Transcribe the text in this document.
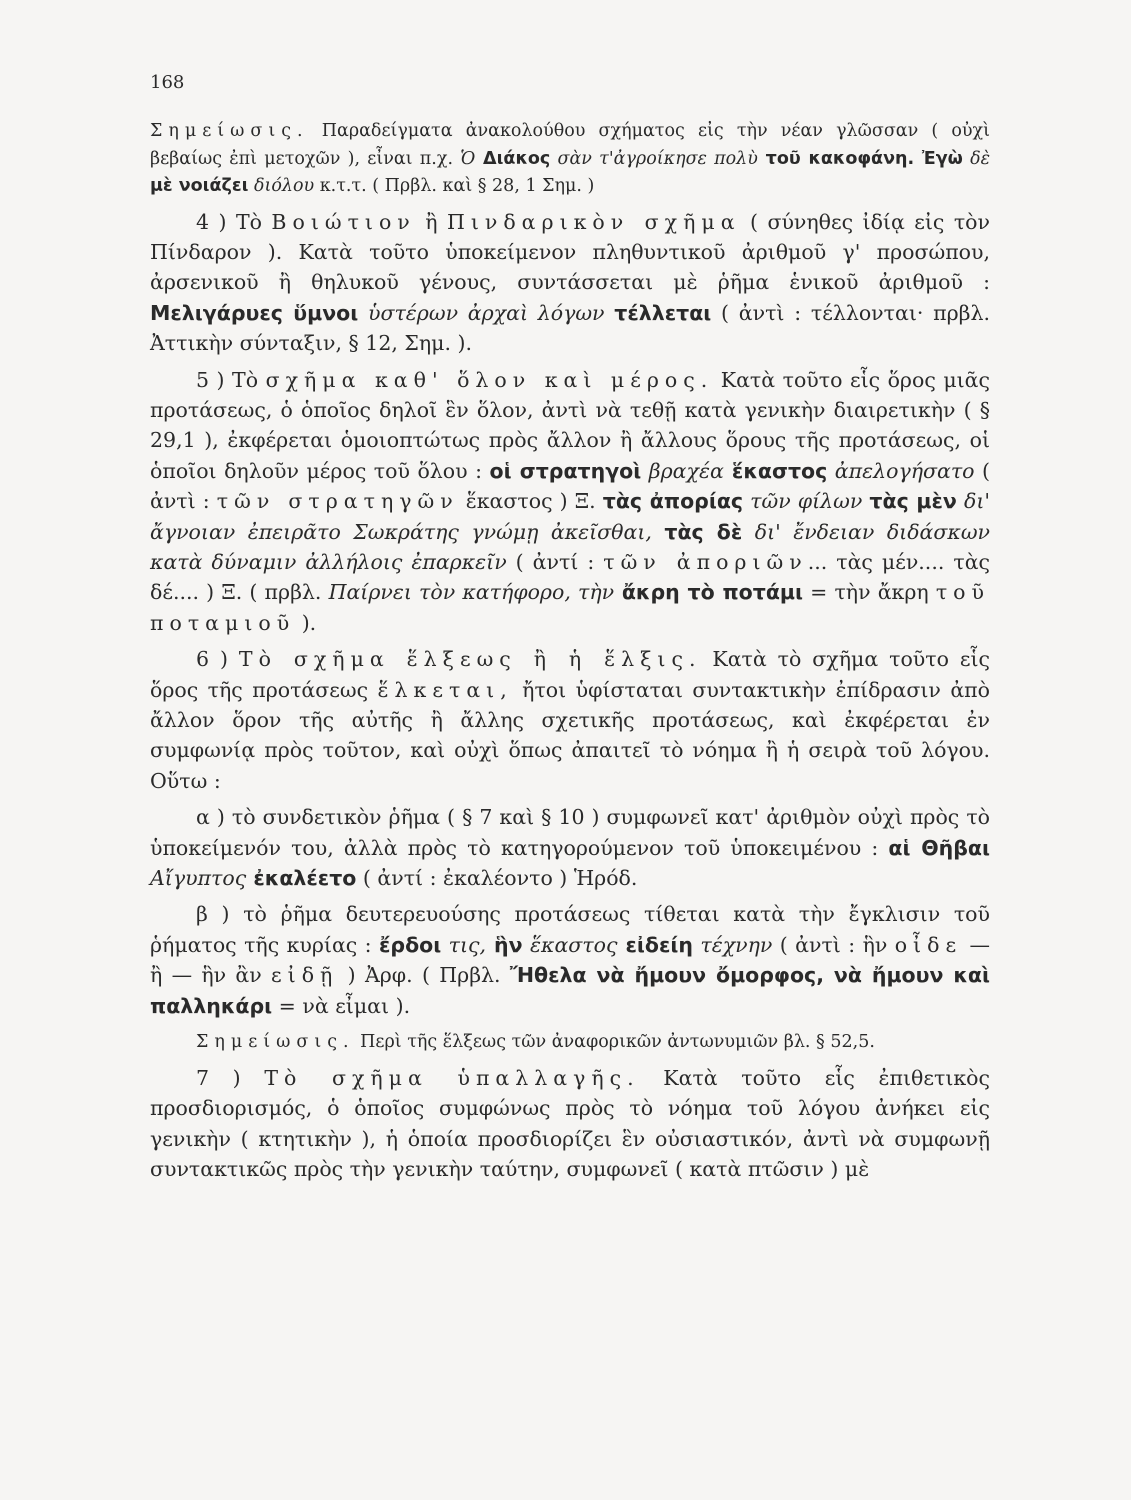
168

Σημείωσις. Παραδείγματα ἀνακολούθου σχήματος εἰς τὴν νέαν γλῶσσαν ( οὐχὶ βεβαίως ἐπὶ μετοχῶν ), εἶναι π.χ. Ὁ Διάκος σὰν τ'ἀγροίκησε πολὺ τοῦ κακοφάνη. Ἐγὼ δὲ μὲ νοιάζει διόλου κ.τ.τ. ( Πρβλ. καὶ § 28, 1 Σημ. )

4 ) Τὸ Βοιώτιον ἢ Πινδαρικὸν σχῆμα ( σύνηθες ἰδίᾳ εἰς τὸν Πίνδαρον ). Κατὰ τοῦτο ὑποκείμενον πληθυντικοῦ ἀριθμοῦ γ' προσώπου, ἀρσενικοῦ ἢ θηλυκοῦ γένους, συντάσσεται μὲ ῥῆμα ἑνικοῦ ἀριθμοῦ : Μελιγάρυες ὕμνοι ὑστέρων ἀρχαὶ λόγων τέλλεται ( ἀντὶ : τέλλονται· πρβλ. Ἀττικὴν σύνταξιν, § 12, Σημ. ).

5 ) Τὸ σχῆμα καθ' ὅλον καὶ μέρος. Κατὰ τοῦτο εἷς ὅρος μιᾶς προτάσεως, ὁ ὁποῖος δηλοῖ ἓν ὅλον, ἀντὶ νὰ τεθῇ κατὰ γενικὴν διαιρετικὴν ( § 29,1 ), ἐκφέρεται ὁμοιοπτώτως πρὸς ἄλλον ἢ ἄλλους ὅρους τῆς προτάσεως, οἱ ὁποῖοι δηλοῦν μέρος τοῦ ὅλου : οἱ στρατηγοὶ βραχέα ἕκαστος ἀπελογήσατο ( ἀντὶ : τῶν στρατηγῶν ἕκαστος ) Ξ. τὰς ἀπορίας τῶν φίλων τὰς μὲν δι' ἄγνοιαν ἐπειρᾶτο Σωκράτης γνώμῃ ἀκεῖσθαι, τὰς δὲ δι' ἔνδειαν διδάσκων κατὰ δύναμιν ἀλλήλοις ἐπαρκεῖν ( ἀντί : τῶν ἀποριῶν... τὰς μέν.... τὰς δέ.... ) Ξ. ( πρβλ. Παίρνει τὸν κατήφορο, τὴν ἄκρη τὸ ποτάμι = τὴν ἄκρη τοῦ ποταμιοῦ ).

6 ) Τὸ σχῆμα ἕλξεως ἢ ἡ ἕλξις. Κατὰ τὸ σχῆμα τοῦτο εἷς ὅρος τῆς προτάσεως ἕλκεται, ἤτοι ὑφίσταται συντακτικὴν ἐπίδρασιν ἀπὸ ἄλλον ὅρον τῆς αὐτῆς ἢ ἄλλης σχετικῆς προτάσεως, καὶ ἐκφέρεται ἐν συμφωνίᾳ πρὸς τοῦτον, καὶ οὐχὶ ὅπως ἀπαιτεῖ τὸ νόημα ἢ ἡ σειρὰ τοῦ λόγου. Οὕτω :

α ) τὸ συνδετικὸν ῥῆμα ( § 7 καὶ § 10 ) συμφωνεῖ κατ' ἀριθμὸν οὐχὶ πρὸς τὸ ὑποκείμενόν του, ἀλλὰ πρὸς τὸ κατηγορούμενον τοῦ ὑποκειμένου : αἱ Θῆβαι Αἴγυπτος ἐκαλέετο ( ἀντί : ἐκαλέοντο ) Ἡρόδ.

β ) τὸ ῥῆμα δευτερευούσης προτάσεως τίθεται κατὰ τὴν ἔγκλισιν τοῦ ῥήματος τῆς κυρίας : ἔρδοι τις, ἣν ἕκαστος εἰδείη τέχνην ( ἀντὶ : ἣν οἶδε — ἢ — ἣν ἂν εἰδῇ ) Ἀρφ. ( Πρβλ. Ἤθελα νὰ ἤμουν ὄμορφος, νὰ ἤμουν καὶ παλληκάρι = νὰ εἶμαι ).

Σημείωσις. Περὶ τῆς ἕλξεως τῶν ἀναφορικῶν ἀντωνυμιῶν βλ. § 52,5.

7 ) Τὸ σχῆμα ὑπαλλαγῆς. Κατὰ τοῦτο εἷς ἐπιθετικὸς προσδιορισμός, ὁ ὁποῖος συμφώνως πρὸς τὸ νόημα τοῦ λόγου ἀνήκει εἰς γενικὴν ( κτητικὴν ), ἡ ὁποία προσδιορίζει ἓν οὐσιαστικόν, ἀντὶ νὰ συμφωνῇ συντακτικῶς πρὸς τὴν γενικὴν ταύτην, συμφωνεῖ ( κατὰ πτῶσιν ) μὲ
